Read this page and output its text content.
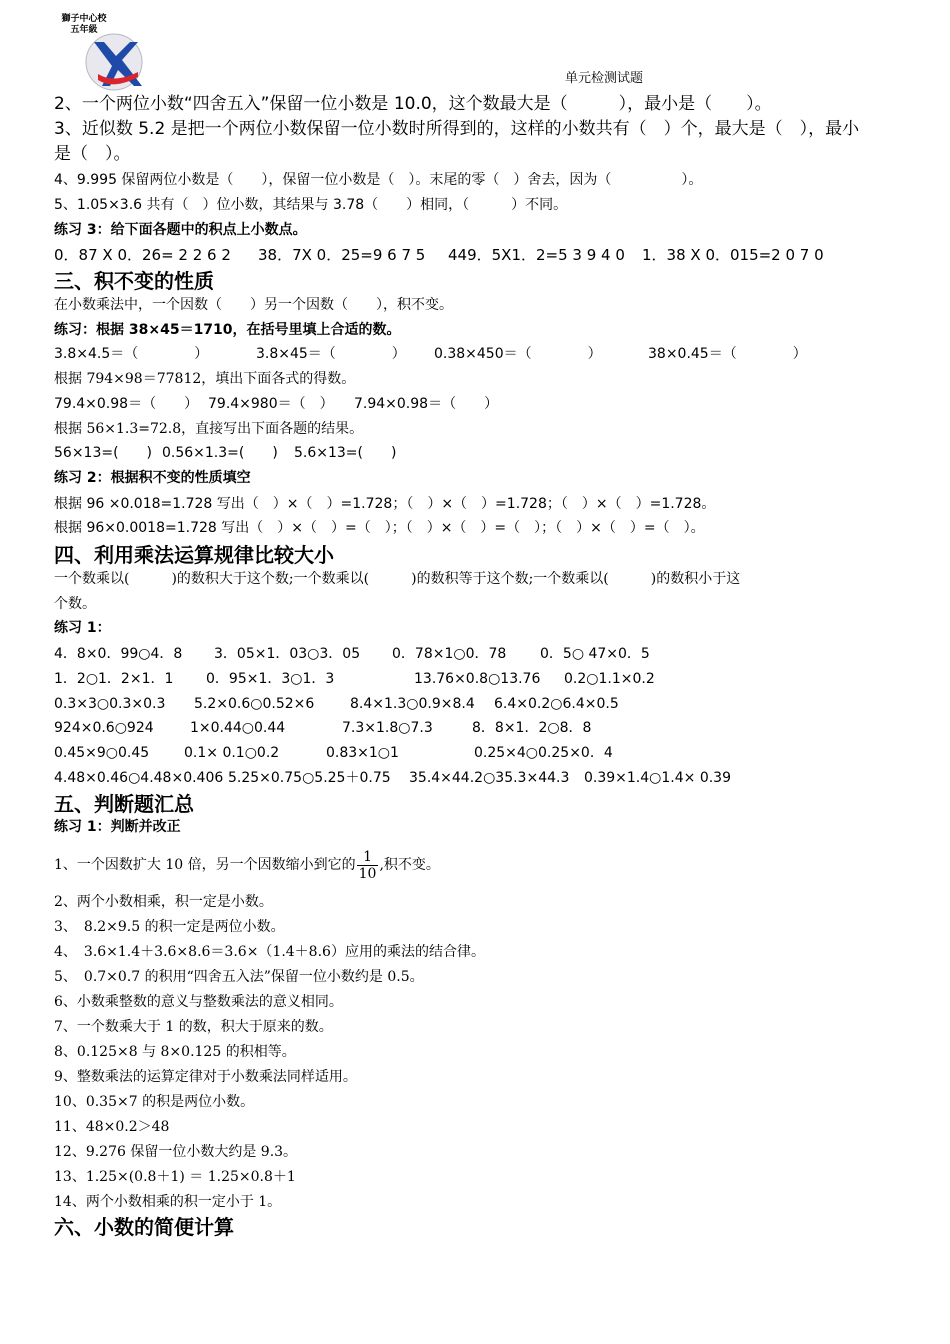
獅子中心校
五年級
单元检测试题
2、一个两位小数“四舍五入”保留一位小数是 10.0，这个数最大是（　　　），最小是（　　）。
3、近似数 5.2 是把一个两位小数保留一位小数时所得到的，这样的小数共有（　）个，最大是（　），最小
是（　）。
4、9.995 保留两位小数是（　　），保留一位小数是（　）。末尾的零（　）舍去，因为（　　　　　）。
5、1.05×3.6 共有（　）位小数，其结果与 3.78（　　）相同，（　　　）不同。
练习 3：给下面各题中的积点上小数点。
0．87 X 0．26= 2 2 6 2 38．7X 0．25=9 6 7 5 449．5X1．2=5 3 9 4 0 1．38 X 0．015=2 0 7 0
三、积不变的性质
在小数乘法中，一个因数（　　）另一个因数（　　），积不变。
练习：根据 38×45＝1710，在括号里填上合适的数。
3.8×4.5＝（　　　　）	3.8×45＝（　　　　） 0.38×450＝（　　　　）	38×0.45＝（　　　　）
根据 794×98＝77812，填出下面各式的得数。
79.4×0.98＝（　　） 79.4×980＝（　） 7.94×0.98＝（　　）
根据 56×1.3=72.8，直接写出下面各题的结果。
56×13=(　　) 0.56×1.3=(　　) 5.6×13=(　　)
练习 2：根据积不变的性质填空
根据 96 ×0.018=1.728 写出（　）×（　）=1.728；（　）×（　）=1.728；（　）×（　）=1.728。
根据 96×0.0018=1.728 写出（　）×（　）=（　）；（　）×（　）=（　）；（　）×（　）=（　）。
四、利用乘法运算规律比较大小
一个数乘以(　　　)的数积大于这个数;一个数乘以(　　　)的数积等于这个数;一个数乘以(　　　)的数积小于这
个数。
练习 1：
4．8×0．99○4．8 3．05×1．03○3．05 0．78×1○0．78 0．5○ 47×0．5
1．2○1．2×1．1 0．95×1．3○1．3	13.76×0.8○13.76 0.2○1.1×0.2
0.3×3○0.3×0.3 5.2×0.6○0.52×6	8.4×1.3○0.9×8.4 6.4×0.2○6.4×0.5
924×0.6○924	1×0.44○0.44	7.3×1.8○7.3	8．8×1．2○8．8
0.45×9○0.45 0.1× 0.1○0.2	0.83×1○1	0.25×4○0.25×0．4
4.48×0.46○4.48×0.406 5.25×0.75○5.25＋0.75 35.4×44.2○35.3×44.3 0.39×1.4○1.4× 0.39
五、判断题汇总
练习 1：判断并改正
1、一个因数扩大 10 倍，另一个因数缩小到它的 $\frac{1}{10}$ ,积不变。
2、两个小数相乘，积一定是小数。
3、　8.2×9.5 的积一定是两位小数。
4、　3.6×1.4＋3.6×8.6＝3.6×（1.4＋8.6）应用的乘法的结合律。
5、　0.7×0.7 的积用“四舍五入法”保留一位小数约是 0.5。
6、小数乘整数的意义与整数乘法的意义相同。
7、一个数乘大于 1 的数，积大于原来的数。
8、0.125×8 与 8×0.125 的积相等。
9、整数乘法的运算定律对于小数乘法同样适用。
10、0.35×7 的积是两位小数。
11、48×0.2＞48
12、9.276 保留一位小数大约是 9.3。
13、1.25×(0.8＋1) ＝ 1.25×0.8＋1
14、两个小数相乘的积一定小于 1。
六、小数的简便计算
